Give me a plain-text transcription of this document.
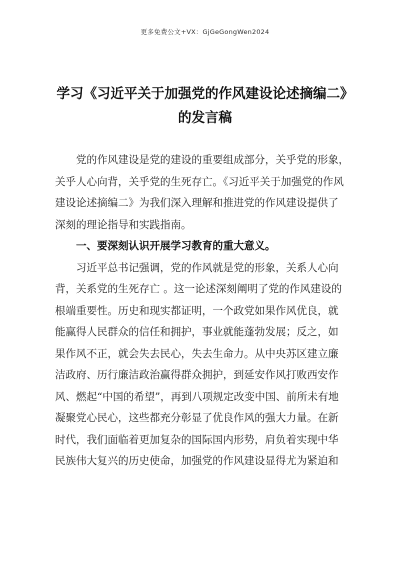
更多免费公文+VX：GjGeGongWen2024
学习《习近平关于加强党的作风建设论述摘编二》
的发言稿
党的作风建设是党的建设的重要组成部分，关乎党的形象，
关乎人心向背，关乎党的生死存亡。《习近平关于加强党的作风
建设论述摘编二》为我们深入理解和推进党的作风建设提供了
深刻的理论指导和实践指南。
一、要深刻认识开展学习教育的重大意义。
习近平总书记强调，党的作风就是党的形象，关系人心向
背，关系党的生死存亡 。这一论述深刻阐明了党的作风建设的
根端重要性。历史和现实都证明，一个政党如果作风优良，就
能赢得人民群众的信任和拥护，事业就能蓬勃发展；反之，如
果作风不正，就会失去民心，失去生命力。从中央苏区建立廉
洁政府、历行廉洁政治赢得群众拥护，到延安作风打败西安作
风、燃起“中国的希望”，再到八项规定改变中国、前所未有地
凝聚党心民心，这些都充分彰显了优良作风的强大力量。在新
时代，我们面临着更加复杂的国际国内形势，肩负着实现中华
民族伟大复兴的历史使命，加强党的作风建设显得尤为紧迫和
